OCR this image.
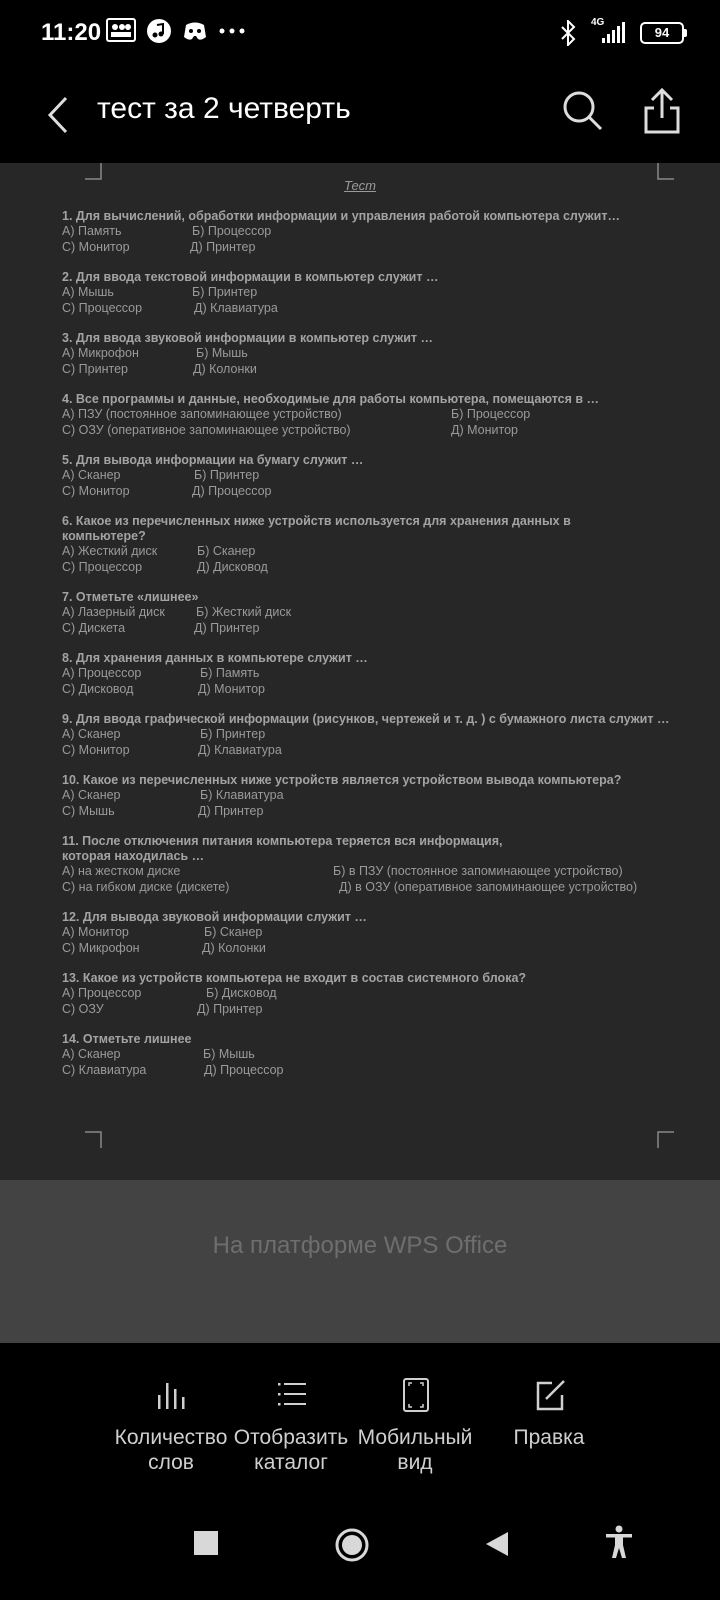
11:20	4G
94
тест за 2 четверть
Тест
1. Для вычислений, обработки информации и управления работой компьютера служит…
А) Память	Б) Процессор
С) Монитор	Д) Принтер
2. Для ввода текстовой информации в компьютер служит …
А) Мышь	Б) Принтер
С) Процессор	Д) Клавиатура
3. Для ввода звуковой информации в компьютер служит …
А) Микрофон	Б) Мышь
С) Принтер	Д) Колонки
4. Все программы и данные, необходимые для работы компьютера, помещаются в …
А) ПЗУ (постоянное запоминающее устройство)	Б) Процессор
С) ОЗУ (оперативное запоминающее устройство)	Д) Монитор
5. Для вывода информации на бумагу служит …
А) Сканер	Б) Принтер
С) Монитор	Д) Процессор
6. Какое из перечисленных ниже устройств используется для хранения данных в компьютере?
А) Жесткий диск	Б) Сканер
С) Процессор	Д) Дисковод
7. Отметьте «лишнее»
А) Лазерный диск	Б) Жесткий диск
С) Дискета	Д) Принтер
8. Для хранения данных в компьютере служит …
А) Процессор	Б) Память
С) Дисковод	Д) Монитор
9. Для ввода графической информации (рисунков, чертежей и т. д. ) с бумажного листа служит …
А) Сканер	Б) Принтер
С) Монитор	Д) Клавиатура
10. Какое из перечисленных ниже устройств является устройством вывода компьютера?
А) Сканер	Б) Клавиатура
С) Мышь	Д) Принтер
11. После отключения питания компьютера теряется вся информация, которая находилась …
А) на жестком диске	Б) в ПЗУ (постоянное запоминающее устройство)
С) на гибком диске (дискете)	Д) в ОЗУ (оперативное запоминающее устройство)
12. Для вывода звуковой информации служит …
А) Монитор	Б) Сканер
С) Микрофон	Д) Колонки
13. Какое из устройств компьютера не входит в состав системного блока?
А) Процессор	Б) Дисковод
С) ОЗУ	Д) Принтер
14. Отметьте лишнее
А) Сканер	Б) Мышь
С) Клавиатура	Д) Процессор
На платформе WPS Office
Количество
слов
Отобразить
каталог
Мобильный
вид
Правка
